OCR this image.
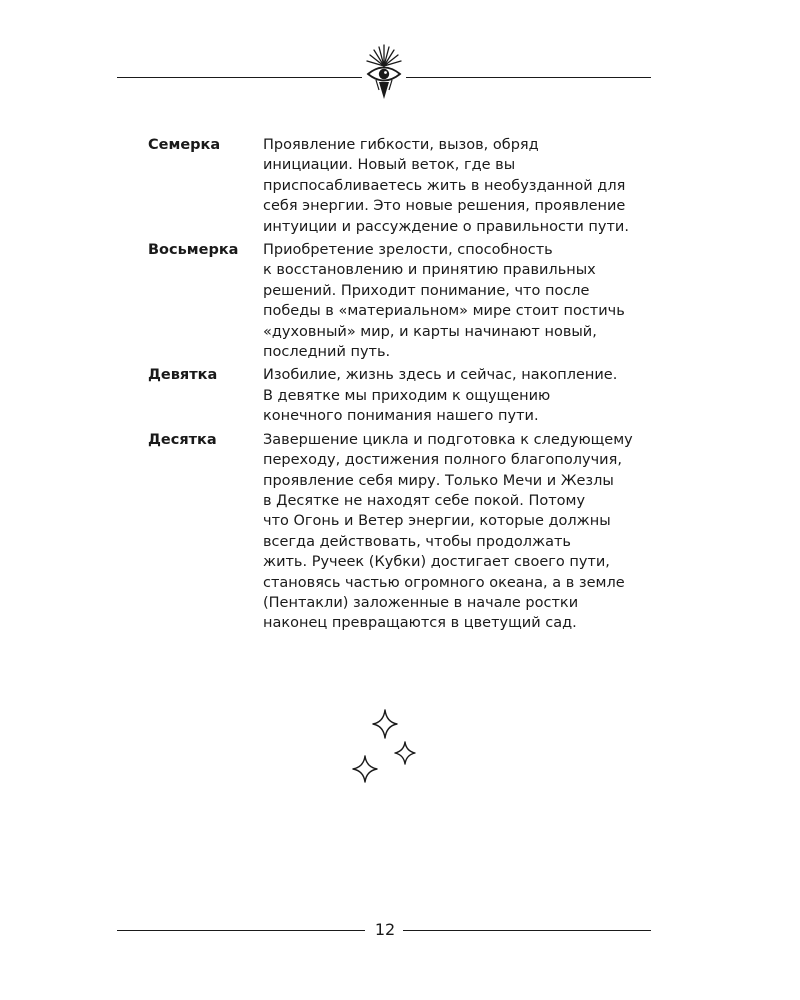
Семерка	Проявление гибкости, вызов, обряд
инициации. Новый веток, где вы
приспосабливаетесь жить в необузданной для
себя энергии. Это новые решения, проявление
интуиции и рассуждение о правильности пути.
Восьмерка	Приобретение зрелости, способность
к восстановлению и принятию правильных
решений. Приходит понимание, что после
победы в «материальном» мире стоит постичь
«духовный» мир, и карты начинают новый,
последний путь.
Девятка	Изобилие, жизнь здесь и сейчас, накопление.
В девятке мы приходим к ощущению
конечного понимания нашего пути.
Десятка	Завершение цикла и подготовка к следующему
переходу, достижения полного благополучия,
проявление себя миру. Только Мечи и Жезлы
в Десятке не находят себе покой. Потому
что Огонь и Ветер энергии, которые должны
всегда действовать, чтобы продолжать
жить. Ручеек (Кубки) достигает своего пути,
становясь частью огромного океана, а в земле
(Пентакли) заложенные в начале ростки
наконец превращаются в цветущий сад.
12
